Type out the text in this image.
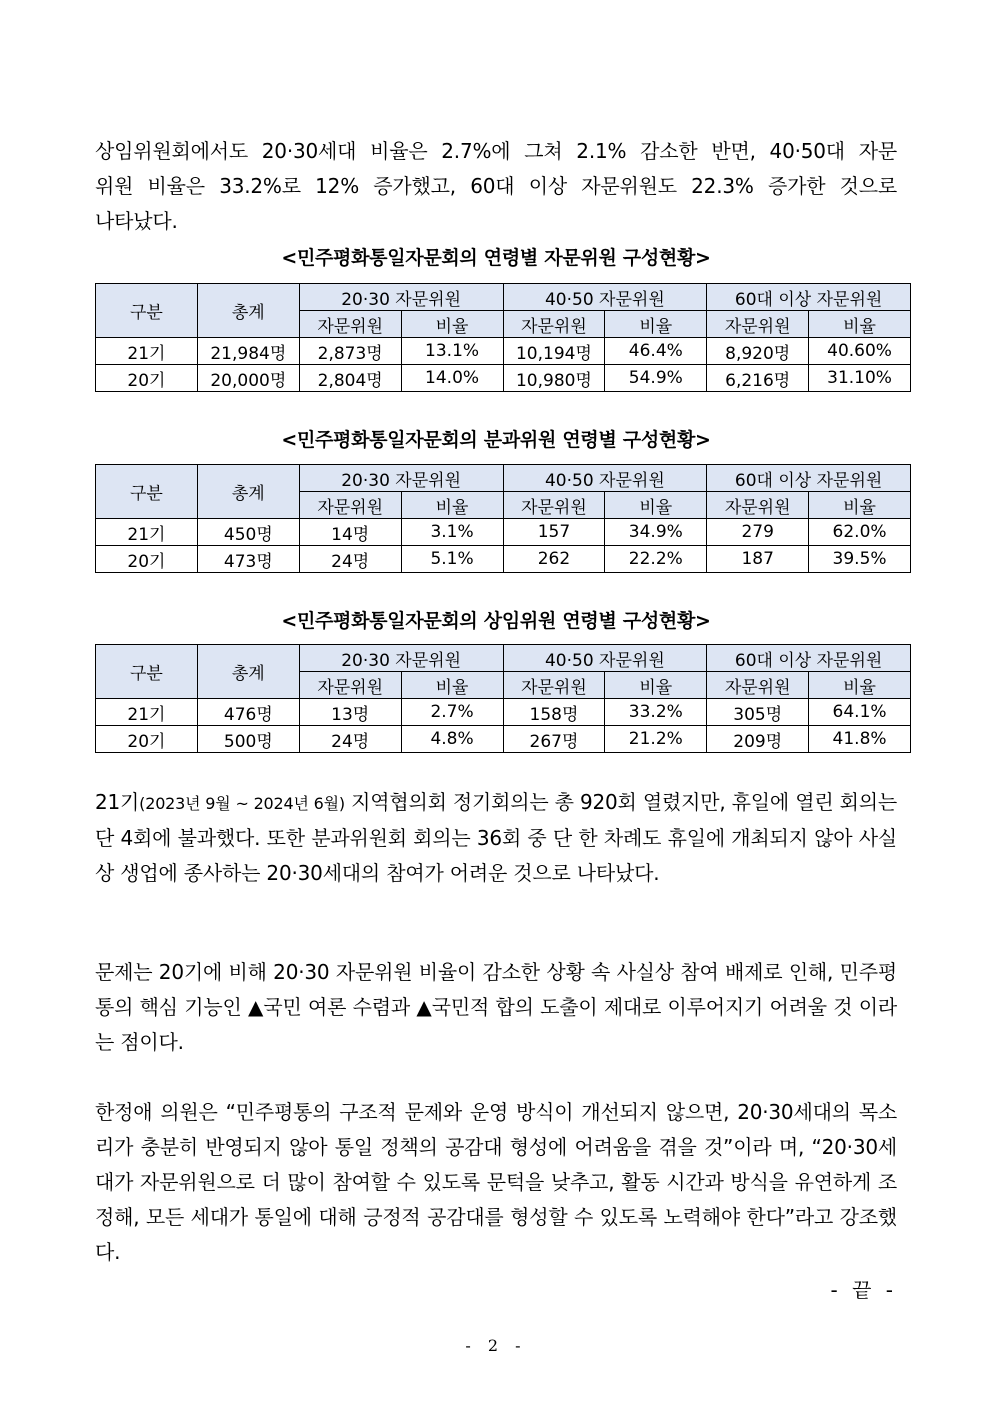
상임위원회에서도 20·30세대 비율은 2.7%에 그쳐 2.1% 감소한 반면, 40·50대 자문
위원 비율은 33.2%로 12% 증가했고, 60대 이상 자문위원도 22.3% 증가한 것으로
나타났다.

<민주평화통일자문회의 연령별 자문위원 구성현황>

구분	총계	20·30 자문위원		40·50 자문위원		60대 이상 자문위원	
		자문위원	비율	자문위원	비율	자문위원	비율
21기	21,984명	2,873명	13.1%	10,194명	46.4%	8,920명	40.60%
20기	20,000명	2,804명	14.0%	10,980명	54.9%	6,216명	31.10%

<민주평화통일자문회의 분과위원 연령별 구성현황>

구분	총계	20·30 자문위원		40·50 자문위원		60대 이상 자문위원	
		자문위원	비율	자문위원	비율	자문위원	비율
21기	450명	14명	3.1%	157	34.9%	279	62.0%
20기	473명	24명	5.1%	262	22.2%	187	39.5%

<민주평화통일자문회의 상임위원 연령별 구성현황>

구분	총계	20·30 자문위원		40·50 자문위원		60대 이상 자문위원	
		자문위원	비율	자문위원	비율	자문위원	비율
21기	476명	13명	2.7%	158명	33.2%	305명	64.1%
20기	500명	24명	4.8%	267명	21.2%	209명	41.8%

21기(2023년 9월 ~ 2024년 6월) 지역협의회 정기회의는 총 920회 열렸지만, 휴일에 열린 회의는 단 4회에 불과했다. 또한 분과위원회 회의는 36회 중 단 한 차례도 휴일에 개최되지 않아 사실상 생업에 종사하는 20·30세대의 참여가 어려운 것으로 나타났다.

문제는 20기에 비해 20·30 자문위원 비율이 감소한 상황 속 사실상 참여 배제로 인해, 민주평통의 핵심 기능인 ▲국민 여론 수렴과 ▲국민적 합의 도출이 제대로 이루어지기 어려울 것 이라는 점이다.

한정애 의원은 “민주평통의 구조적 문제와 운영 방식이 개선되지 않으면, 20·30세대의 목소리가 충분히 반영되지 않아 통일 정책의 공감대 형성에 어려움을 겪을 것”이라 며, “20·30세대가 자문위원으로 더 많이 참여할 수 있도록 문턱을 낮추고, 활동 시간과 방식을 유연하게 조정해, 모든 세대가 통일에 대해 긍정적 공감대를 형성할 수 있도록 노력해야 한다”라고 강조했다.

- 끝 -

- 2 -
